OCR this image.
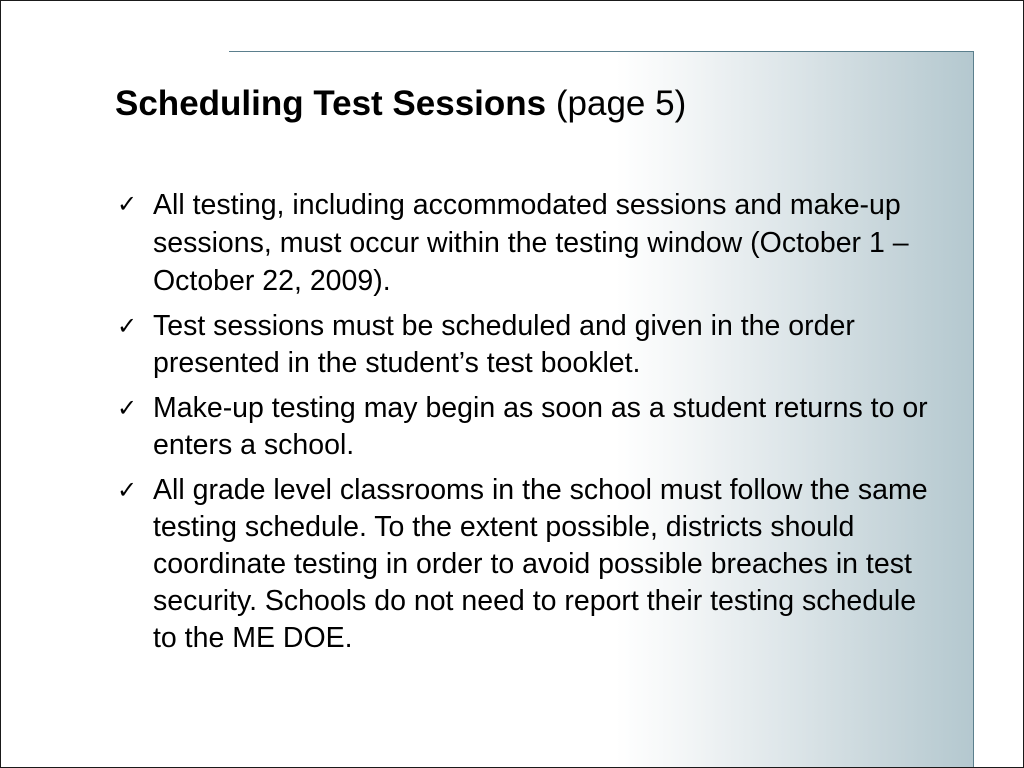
Scheduling Test Sessions (page 5)
✓ All testing, including accommodated sessions and make-up sessions, must occur within the testing window (October 1 – October 22, 2009).
✓ Test sessions must be scheduled and given in the order presented in the student’s test booklet.
✓ Make-up testing may begin as soon as a student returns to or enters a school.
✓ All grade level classrooms in the school must follow the same testing schedule. To the extent possible, districts should coordinate testing in order to avoid possible breaches in test security. Schools do not need to report their testing schedule to the ME DOE.
